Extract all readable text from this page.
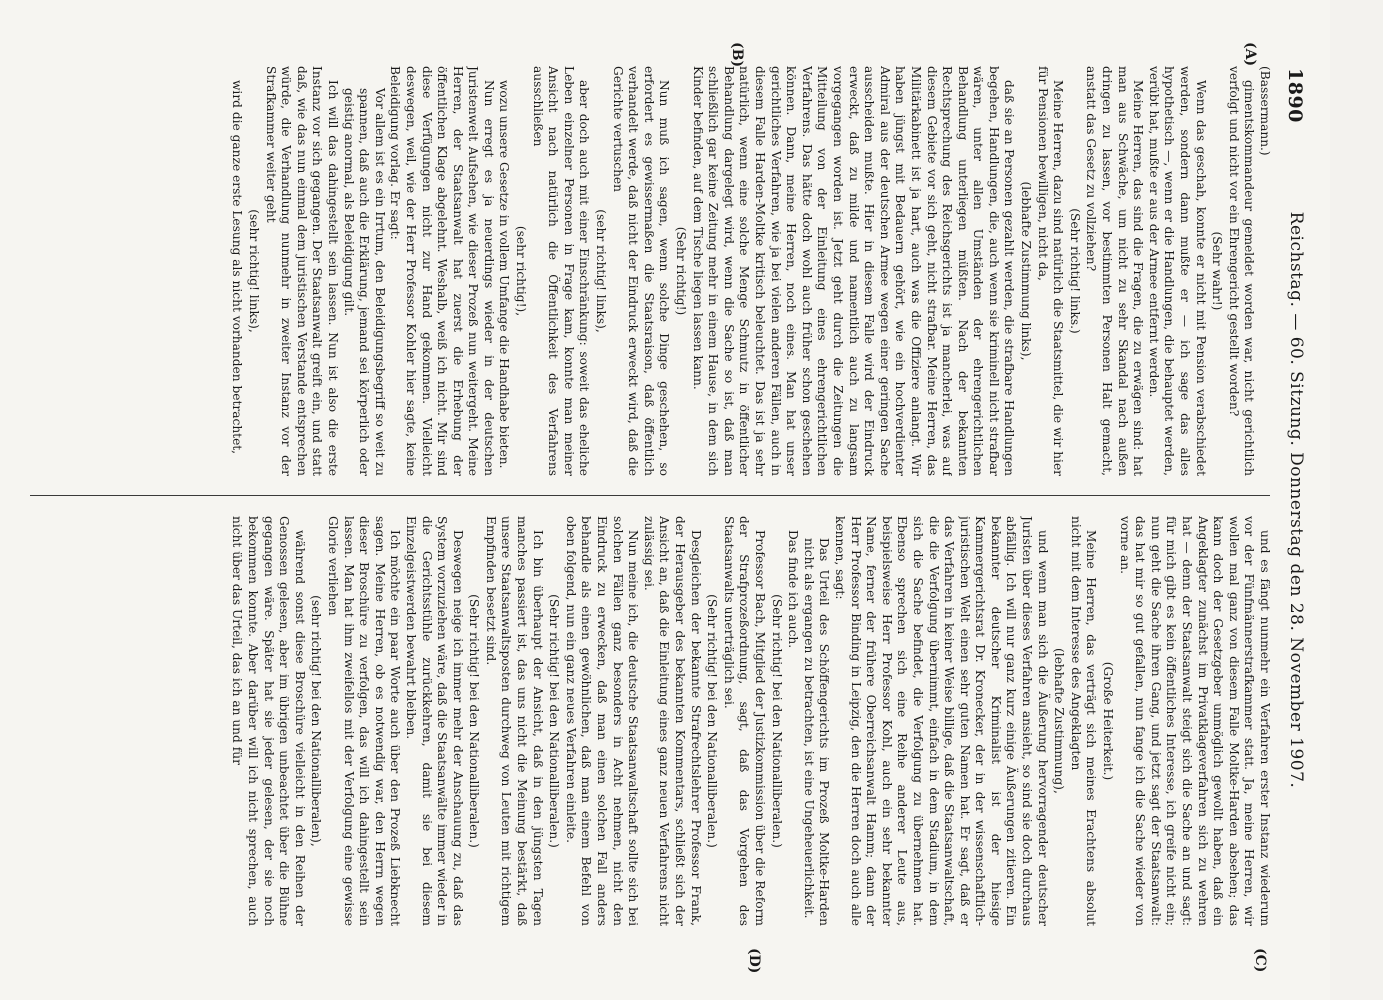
1890
Reichstag. — 60. Sitzung. Donnerstag den 28. November 1907.
(A)
(B)
(C)
(D)

(Bassermann.)

gimentskommandeur gemeldet worden war, nicht gerichtlich verfolgt und nicht vor ein Ehrengericht gestellt worden?

(Sehr wahr!)

Wenn das geschah, konnte er nicht mit Pension verabschiedet werden, sondern dann mußte er — ich sage das alles hypothetisch —, wenn er die Handlungen, die behauptet werden, verübt hat, mußte er aus der Armee entfernt werden.

Meine Herren, das sind die Fragen, die zu erwägen sind: hat man aus Schwäche, um nicht zu sehr Skandal nach außen dringen zu lassen, vor bestimmten Personen Halt gemacht, anstatt das Gesetz zu vollziehen?

(Sehr richtig! links.)

Meine Herren, dazu sind natürlich die Staatsmittel, die wir hier für Pensionen bewilligen, nicht da,

(lebhafte Zustimmung links),

daß sie an Personen gezahlt werden, die strafbare Handlungen begehen, Handlungen, die, auch wenn sie kriminell nicht strafbar wären, unter allen Umständen der ehrengerichtlichen Behandlung unterliegen müßten. Nach der bekannten Rechtsprechung des Reichsgerichts ist ja mancherlei, was auf diesem Gebiete vor sich geht, nicht strafbar. Meine Herren, das Militärkabinett ist ja hart, auch was die Offiziere anlangt. Wir haben jüngst mit Bedauern gehört, wie ein hochverdienter Admiral aus der deutschen Armee wegen einer geringen Sache ausscheiden mußte. Hier in diesem Falle wird der Eindruck erweckt, daß zu milde und namentlich auch zu langsam vorgegangen worden ist. Jetzt geht durch die Zeitungen die Mitteilung von der Einleitung eines ehrengerichtlichen Verfahrens. Das hätte doch wohl auch früher schon geschehen können. Dann, meine Herren, noch eines. Man hat unser gerichtliches Verfahren, wie ja bei vielen anderen Fällen, auch in diesem Falle Harden-Moltke kritisch beleuchtet. Das ist ja sehr natürlich, wenn eine solche Menge Schmutz in öffentlicher Behandlung dargelegt wird, wenn die Sache so ist, daß man schließlich gar keine Zeitung mehr in einem Hause, in dem sich Kinder befinden, auf dem Tische liegen lassen kann.

(Sehr richtig!)

Nun muß ich sagen, wenn solche Dinge geschehen, so erfordert es gewissermaßen die Staatsraison, daß öffentlich verhandelt werde, daß nicht der Eindruck erweckt wird, daß die Gerichte vertuschen

(sehr richtig! links),

aber doch auch mit einer Einschränkung: soweit das eheliche Leben einzelner Personen in Frage kam, konnte man meiner Ansicht nach natürlich die Öffentlichkeit des Verfahrens ausschließen

(sehr richtig!),

wozu unsere Gesetze in vollem Umfange die Handhabe bieten.

Nun erregt es ja neuerdings wieder in der deutschen Juristenwelt Aufsehen, wie dieser Prozeß nun weitergeht. Meine Herren, der Staatsanwalt hat zuerst die Erhebung der öffentlichen Klage abgelehnt. Weshalb, weiß ich nicht. Mir sind diese Verfügungen nicht zur Hand gekommen. Vielleicht deswegen, weil, wie der Herr Professor Kohler hier sagte, keine Beleidigung vorlag. Er sagt:

Vor allem ist es ein Irrtum, den Beleidigungsbegriff so weit zu spannen, daß auch die Erklärung, jemand sei körperlich oder geistig anormal, als Beleidigung gilt.

Ich will das dahingestellt sein lassen. Nun ist also die erste Instanz vor sich gegangen. Der Staatsanwalt greift ein, und statt daß, wie das nun einmal dem juristischen Verstande entsprechen würde, die Verhandlung nunmehr in zweiter Instanz vor der Strafkammer weiter geht

(sehr richtig! links),

wird die ganze erste Lesung als nicht vorhanden betrachtet,

und es fängt nunmehr ein Verfahren erster Instanz wiederum vor der Fünfmännerstrafkammer statt. Ja, meine Herren, wir wollen mal ganz von diesem Falle Moltke-Harden absehen; das kann doch der Gesetzgeber unmöglich gewollt haben, daß ein Angeklagter zunächst im Privatklageverfahren sich zu wehren hat — denn der Staatsanwalt steigt sich die Sache an und sagt: für mich gibt es kein öffentliches Interesse, ich greife nicht ein; nun geht die Sache ihren Gang, und jetzt sagt der Staatsanwalt: das hat mir so gut gefallen, nun fange ich die Sache wieder von vorne an.

(Große Heiterkeit.)

Meine Herren, das verträgt sich meines Erachtens absolut nicht mit dem Interesse des Angeklagten

(lebhafte Zustimmung),

und wenn man sich die Äußerung hervorragender deutscher Juristen über dieses Verfahren ansieht, so sind sie doch durchaus abfällig. Ich will nur ganz kurz einige Äußerungen zitieren. Ein bekannter deutscher Kriminalist ist der hiesige Kammergerichtsrat Dr. Kronecker, der in der wissenschaftlich-juristischen Welt einen sehr guten Namen hat. Er sagt, daß er das Verfahren in keiner Weise billige, daß die Staatsanwaltschaft, die die Verfolgung übernimmt, einfach in dem Stadium, in dem sich die Sache befindet, die Verfolgung zu übernehmen hat. Ebenso sprechen sich eine Reihe anderer Leute aus, beispielsweise Herr Professor Kohl, auch ein sehr bekannter Name, ferner der frühere Oberreichsanwalt Hamm; dann der Herr Professor Binding in Leipzig, den die Herren doch auch alle kennen, sagt:

Das Urteil des Schöffengerichts im Prozeß Moltke-Harden nicht als ergangen zu betrachten, ist eine Ungeheuerlichkeit.

Das finde ich auch.

(Sehr richtig! bei den Nationalliberalen.)

Professor Bach, Mitglied der Justizkommission über die Reform der Strafprozeßordnung, sagt, daß das Vorgehen des Staatsanwalts unerträglich sei.

(Sehr richtig! bei den Nationalliberalen.)

Desgleichen der bekannte Strafrechtslehrer Professor Frank, der Herausgeber des bekannten Kommentars, schließt sich der Ansicht an, daß die Einleitung eines ganz neuen Verfahrens nicht zulässig sei.

Nun meine ich, die deutsche Staatsanwaltschaft sollte sich bei solchen Fällen ganz besonders in Acht nehmen, nicht den Eindruck zu erwecken, daß man einen solchen Fall anders behandle als einen gewöhnlichen, daß man einem Befehl von oben folgend, nun ein ganz neues Verfahren einleite.

(Sehr richtig! bei den Nationalliberalen.)

Ich bin überhaupt der Ansicht, daß in den jüngsten Tagen manches passiert ist, das uns nicht die Meinung bestärkt, daß unsere Staatsanwaltsposten durchweg von Leuten mit richtigem Empfinden besetzt sind.

(Sehr richtig! bei den Nationalliberalen.)

Deswegen neige ich immer mehr der Anschauung zu, daß das System vorzuziehen wäre, daß die Staatsanwälte immer wieder in die Gerichtsstühle zurückkehren, damit sie bei diesem Einzelgeistwerden bewahrt bleiben.

Ich möchte ein paar Worte auch über den Prozeß Liebknecht sagen. Meine Herren, ob es notwendig war, den Herrn wegen dieser Broschüre zu verfolgen, das will ich dahingestellt sein lassen. Man hat ihm zweifellos mit der Verfolgung eine gewisse Glorie verliehen

(sehr richtig! bei den Nationalliberalen),

während sonst diese Broschüre vielleicht in den Reihen der Genossen gelesen, aber im übrigen unbeachtet über die Bühne gegangen wäre. Später hat sie jeder gelesen, der sie noch bekommen konnte. Aber darüber will ich nicht sprechen, auch nicht über das Urteil, das ich an und für
